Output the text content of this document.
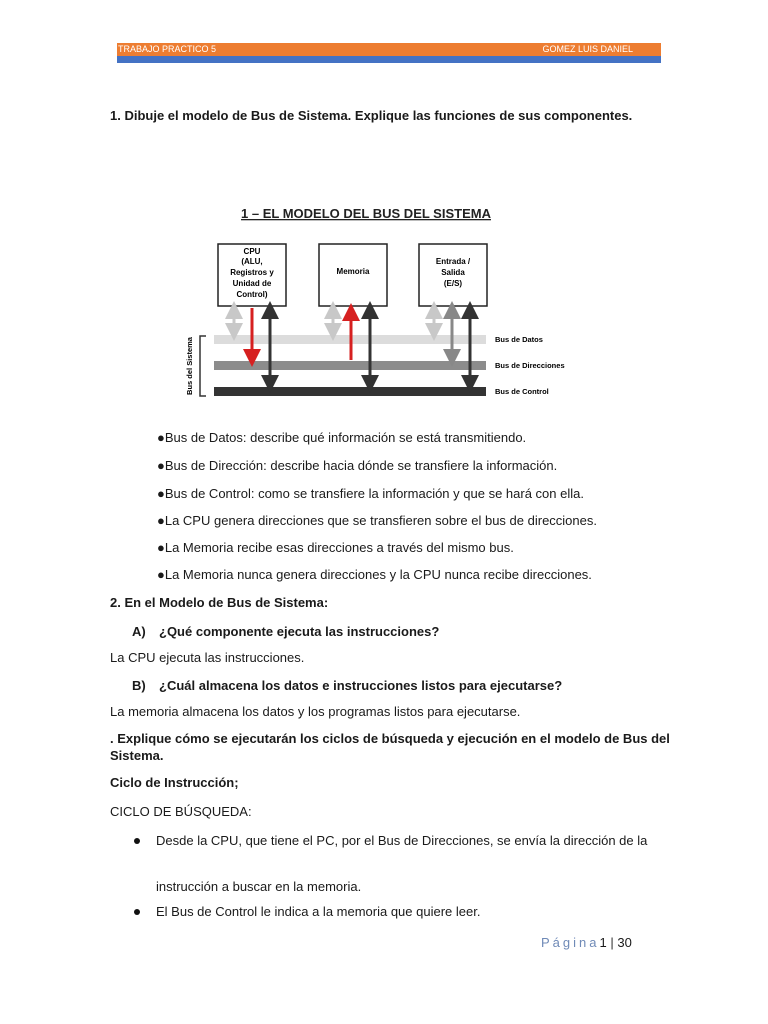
TRABAJO PRACTICO 5	GOMEZ LUIS DANIEL
1. Dibuje el modelo de Bus de Sistema. Explique las funciones de sus componentes.
1 – EL MODELO DEL BUS DEL SISTEMA
CPU
(ALU,
Registros y
Unidad de
Control)
Memoria
Entrada /
Salida
(E/S)
Bus de Datos
Bus de Direcciones
Bus de Control
Bus del Sistema
●Bus de Datos: describe qué información se está transmitiendo.
●Bus de Dirección: describe hacia dónde se transfiere la información.
●Bus de Control: como se transfiere la información y que se hará con ella.
●La CPU genera direcciones que se transfieren sobre el bus de direcciones.
●La Memoria recibe esas direcciones a través del mismo bus.
●La Memoria nunca genera direcciones y la CPU nunca recibe direcciones.
2. En el Modelo de Bus de Sistema:
A) ¿Qué componente ejecuta las instrucciones?
La CPU ejecuta las instrucciones.
B) ¿Cuál almacena los datos e instrucciones listos para ejecutarse?
La memoria almacena los datos y los programas listos para ejecutarse.
. Explique cómo se ejecutarán los ciclos de búsqueda y ejecución en el modelo de Bus del
Sistema.
Ciclo de Instrucción;
CICLO DE BÚSQUEDA:
Desde la CPU, que tiene el PC, por el Bus de Direcciones, se envía la dirección de la
instrucción a buscar en la memoria.
El Bus de Control le indica a la memoria que quiere leer.
Página1 | 30
